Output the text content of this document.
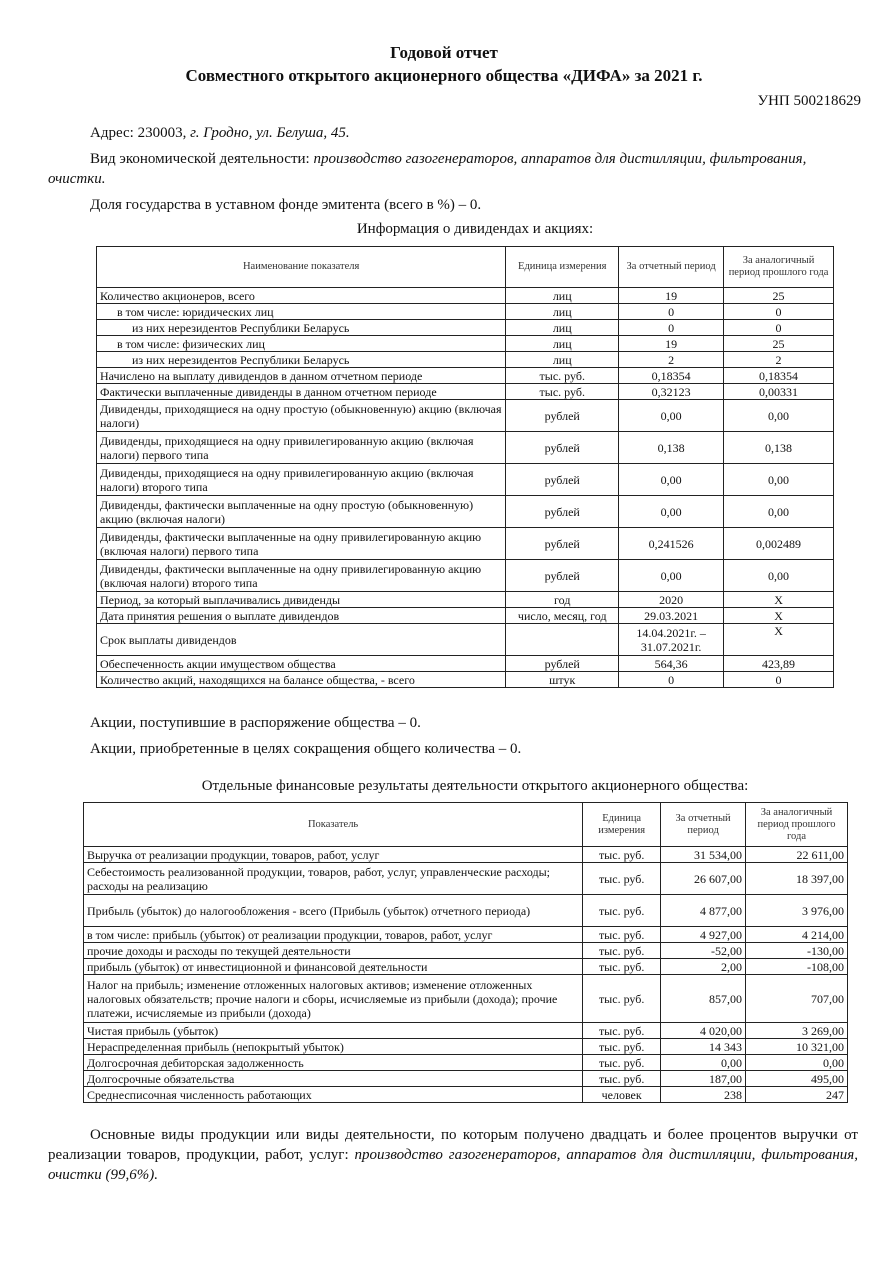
Годовой отчет
Совместного открытого акционерного общества «ДИФА» за 2021 г.
УНП 500218629
Адрес: 230003, г. Гродно, ул. Белуша, 45.
Вид экономической деятельности: производство газогенераторов, аппаратов для дистилляции, фильтрования, очистки.
Доля государства в уставном фонде эмитента (всего в %) – 0.
Информация о дивидендах и акциях:
Наименование показателя	Единица измерения	За отчетный период	За аналогичный период прошлого года
Количество акционеров, всего	лиц	19	25
в том числе: юридических лиц	лиц	0	0
из них нерезидентов Республики Беларусь	лиц	0	0
в том числе: физических лиц	лиц	19	25
из них нерезидентов Республики Беларусь	лиц	2	2
Начислено на выплату дивидендов в данном отчетном периоде	тыс. руб.	0,18354	0,18354
Фактически выплаченные дивиденды в данном отчетном периоде	тыс. руб.	0,32123	0,00331
Дивиденды, приходящиеся на одну простую (обыкновенную) акцию (включая налоги)	рублей	0,00	0,00
Дивиденды, приходящиеся на одну привилегированную акцию (включая налоги) первого типа	рублей	0,138	0,138
Дивиденды, приходящиеся на одну привилегированную акцию (включая налоги) второго типа	рублей	0,00	0,00
Дивиденды, фактически выплаченные на одну простую (обыкновенную) акцию (включая налоги)	рублей	0,00	0,00
Дивиденды, фактически выплаченные на одну привилегированную акцию (включая налоги) первого типа	рублей	0,241526	0,002489
Дивиденды, фактически выплаченные на одну привилегированную акцию (включая налоги) второго типа	рублей	0,00	0,00
Период, за который выплачивались дивиденды	год	2020	X
Дата принятия решения о выплате дивидендов	число, месяц, год	29.03.2021	X
Срок выплаты дивидендов		14.04.2021г. – 31.07.2021г.	X
Обеспеченность акции имуществом общества	рублей	564,36	423,89
Количество акций, находящихся на балансе общества, - всего	штук	0	0
Акции, поступившие в распоряжение общества – 0.
Акции, приобретенные в целях сокращения общего количества – 0.
Отдельные финансовые результаты деятельности открытого акционерного общества:
Показатель	Единица измерения	За отчетный период	За аналогичный период прошлого года
Выручка от реализации продукции, товаров, работ, услуг	тыс. руб.	31 534,00	22 611,00
Себестоимость реализованной продукции, товаров, работ, услуг, управленческие расходы; расходы на реализацию	тыс. руб.	26 607,00	18 397,00
Прибыль (убыток) до налогообложения - всего (Прибыль (убыток) отчетного периода)	тыс. руб.	4 877,00	3 976,00
в том числе: прибыль (убыток) от реализации продукции, товаров, работ, услуг	тыс. руб.	4 927,00	4 214,00
прочие доходы и расходы по текущей деятельности	тыс. руб.	-52,00	-130,00
прибыль (убыток) от инвестиционной и финансовой деятельности	тыс. руб.	2,00	-108,00
Налог на прибыль; изменение отложенных налоговых активов; изменение отложенных налоговых обязательств; прочие налоги и сборы, исчисляемые из прибыли (дохода); прочие платежи, исчисляемые из прибыли (дохода)	тыс. руб.	857,00	707,00
Чистая прибыль (убыток)	тыс. руб.	4 020,00	3 269,00
Нераспределенная прибыль (непокрытый убыток)	тыс. руб.	14 343	10 321,00
Долгосрочная дебиторская задолженность	тыс. руб.	0,00	0,00
Долгосрочные обязательства	тыс. руб.	187,00	495,00
Среднесписочная численность работающих	человек	238	247
Основные виды продукции или виды деятельности, по которым получено двадцать и более процентов выручки от реализации товаров, продукции, работ, услуг: производство газогенераторов, аппаратов для дистилляции, фильтрования, очистки (99,6%).
